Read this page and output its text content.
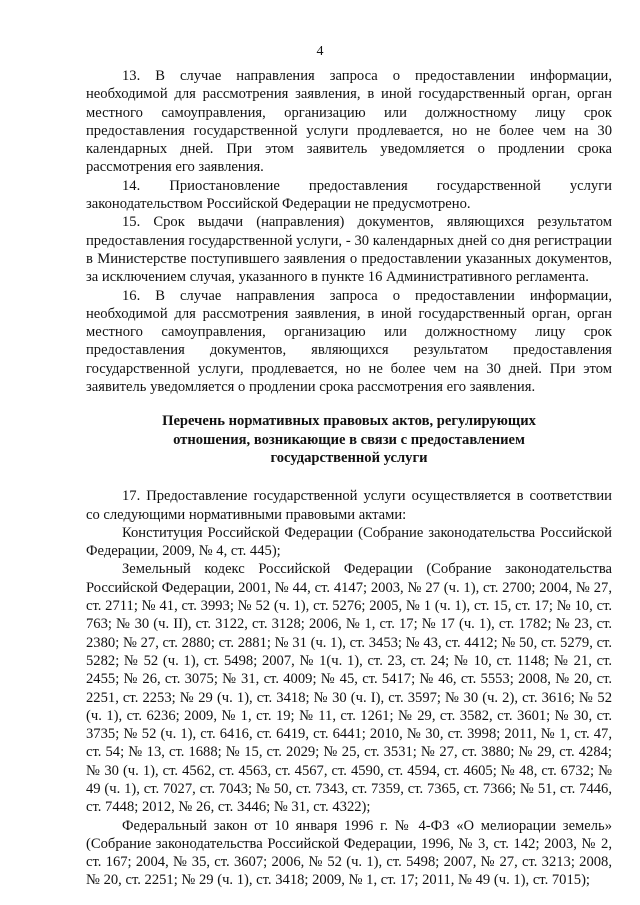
4

13. В случае направления запроса о предоставлении информации, необходимой для рассмотрения заявления, в иной государственный орган, орган местного самоуправления, организацию или должностному лицу срок предоставления государственной услуги продлевается, но не более чем на 30 календарных дней. При этом заявитель уведомляется о продлении срока рассмотрения его заявления.

14. Приостановление предоставления государственной услуги законодательством Российской Федерации не предусмотрено.

15. Срок выдачи (направления) документов, являющихся результатом предоставления государственной услуги, - 30 календарных дней со дня регистрации в Министерстве поступившего заявления о предоставлении указанных документов, за исключением случая, указанного в пункте 16 Административного регламента.

16. В случае направления запроса о предоставлении информации, необходимой для рассмотрения заявления, в иной государственный орган, орган местного самоуправления, организацию или должностному лицу срок предоставления документов, являющихся результатом предоставления государственной услуги, продлевается, но не более чем на 30 дней. При этом заявитель уведомляется о продлении срока рассмотрения его заявления.

Перечень нормативных правовых актов, регулирующих отношения, возникающие в связи с предоставлением государственной услуги

17. Предоставление государственной услуги осуществляется в соответствии со следующими нормативными правовыми актами:

Конституция Российской Федерации (Собрание законодательства Российской Федерации, 2009, № 4, ст. 445);

Земельный кодекс Российской Федерации (Собрание законодательства Российской Федерации, 2001, № 44, ст. 4147; 2003, № 27 (ч. 1), ст. 2700; 2004, № 27, ст. 2711; № 41, ст. 3993; № 52 (ч. 1), ст. 5276; 2005, № 1 (ч. 1), ст. 15, ст. 17; № 10, ст. 763; № 30 (ч. II), ст. 3122, ст. 3128; 2006, № 1, ст. 17; № 17 (ч. 1), ст. 1782; № 23, ст. 2380; № 27, ст. 2880; ст. 2881; № 31 (ч. 1), ст. 3453; № 43, ст. 4412; № 50, ст. 5279, ст. 5282; № 52 (ч. 1), ст. 5498; 2007, № 1(ч. 1), ст. 23, ст. 24; № 10, ст. 1148; № 21, ст. 2455; № 26, ст. 3075; № 31, ст. 4009; № 45, ст. 5417; № 46, ст. 5553; 2008, № 20, ст. 2251, ст. 2253; № 29 (ч. 1), ст. 3418; № 30 (ч. I), ст. 3597; № 30 (ч. 2), ст. 3616; № 52 (ч. 1), ст. 6236; 2009, № 1, ст. 19; № 11, ст. 1261; № 29, ст. 3582, ст. 3601; № 30, ст. 3735; № 52 (ч. 1), ст. 6416, ст. 6419, ст. 6441; 2010, № 30, ст. 3998; 2011, № 1, ст. 47, ст. 54; № 13, ст. 1688; № 15, ст. 2029; № 25, ст. 3531; № 27, ст. 3880; № 29, ст. 4284; № 30 (ч. 1), ст. 4562, ст. 4563, ст. 4567, ст. 4590, ст. 4594, ст. 4605; № 48, ст. 6732; № 49 (ч. 1), ст. 7027, ст. 7043; № 50, ст. 7343, ст. 7359, ст. 7365, ст. 7366; № 51, ст. 7446, ст. 7448; 2012, № 26, ст. 3446; № 31, ст. 4322);

Федеральный закон от 10 января 1996 г. № 4-ФЗ «О мелиорации земель» (Собрание законодательства Российской Федерации, 1996, № 3, ст. 142; 2003, № 2, ст. 167; 2004, № 35, ст. 3607; 2006, № 52 (ч. 1), ст. 5498; 2007, № 27, ст. 3213; 2008, № 20, ст. 2251; № 29 (ч. 1), ст. 3418; 2009, № 1, ст. 17; 2011, № 49 (ч. 1), ст. 7015);
